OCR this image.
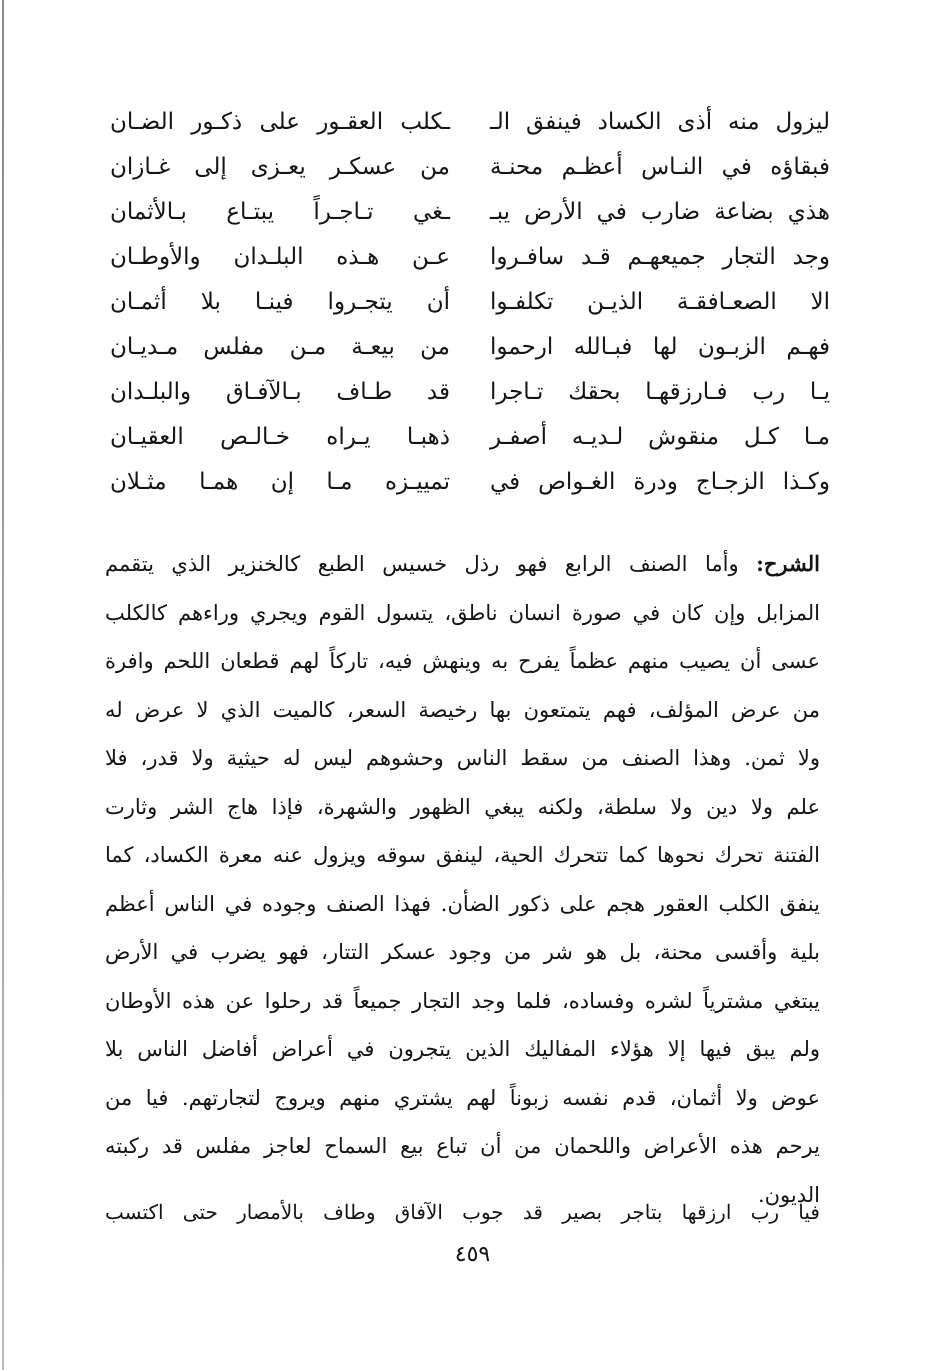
ليزول منه أذى الكساد فينفق الـ
فبقاؤه في النـاس أعظـم محنـة
هذي بضاعة ضارب في الأرض يبـ
وجد التجار جميعهـم قـد سافـروا
الا الصعـافقـة الذيـن تكلفـوا
فهـم الزبـون لها فبـالله ارحموا
يـا رب فـارزقهـا بحقك تـاجرا
مـا كـل منقوش لـديـه أصفـر
وكـذا الزجـاج ودرة الغـواص في
ـكلب العقـور على ذكـور الضـان
من عسكـر يعـزى إلى غـازان
ـغي تـاجـراً يبتـاع بـالأثمان
عـن هـذه البلـدان والأوطـان
أن يتجـروا فينـا بلا أثمـان
من بيعـة مـن مفلس مـديـان
قد طـاف بـالآفـاق والبلـدان
ذهبـا يـراه خـالـص العقيـان
تمييـزه مـا إن همـا مثـلان
الشرح: وأما الصنف الرابع فهو رذل خسيس الطبع كالخنزير الذي يتقمم
المزابل وإن كان في صورة انسان ناطق، يتسول القوم ويجري وراءهم كالكلب
عسى أن يصيب منهم عظماً يفرح به وينهش فيه، تاركاً لهم قطعان اللحم وافرة
من عرض المؤلف، فهم يتمتعون بها رخيصة السعر، كالميت الذي لا عرض له
ولا ثمن. وهذا الصنف من سقط الناس وحشوهم ليس له حيثية ولا قدر، فلا
علم ولا دين ولا سلطة، ولكنه يبغي الظهور والشهرة، فإذا هاج الشر وثارت
الفتنة تحرك نحوها كما تتحرك الحية، لينفق سوقه ويزول عنه معرة الكساد، كما
ينفق الكلب العقور هجم على ذكور الضأن. فهذا الصنف وجوده في الناس أعظم
بلية وأقسى محنة، بل هو شر من وجود عسكر التتار، فهو يضرب في الأرض
يبتغي مشترياً لشره وفساده، فلما وجد التجار جميعاً قد رحلوا عن هذه الأوطان
ولم يبق فيها إلا هؤلاء المفاليك الذين يتجرون في أعراض أفاضل الناس بلا
عوض ولا أثمان، قدم نفسه زبوناً لهم يشتري منهم ويروج لتجارتهم. فيا من
يرحم هذه الأعراض واللحمان من أن تباع بيع السماح لعاجز مفلس قد ركبته
الديون.
فيا رب ارزقها بتاجر بصير قد جوب الآفاق وطاف بالأمصار حتى اكتسب
٤٥٩
